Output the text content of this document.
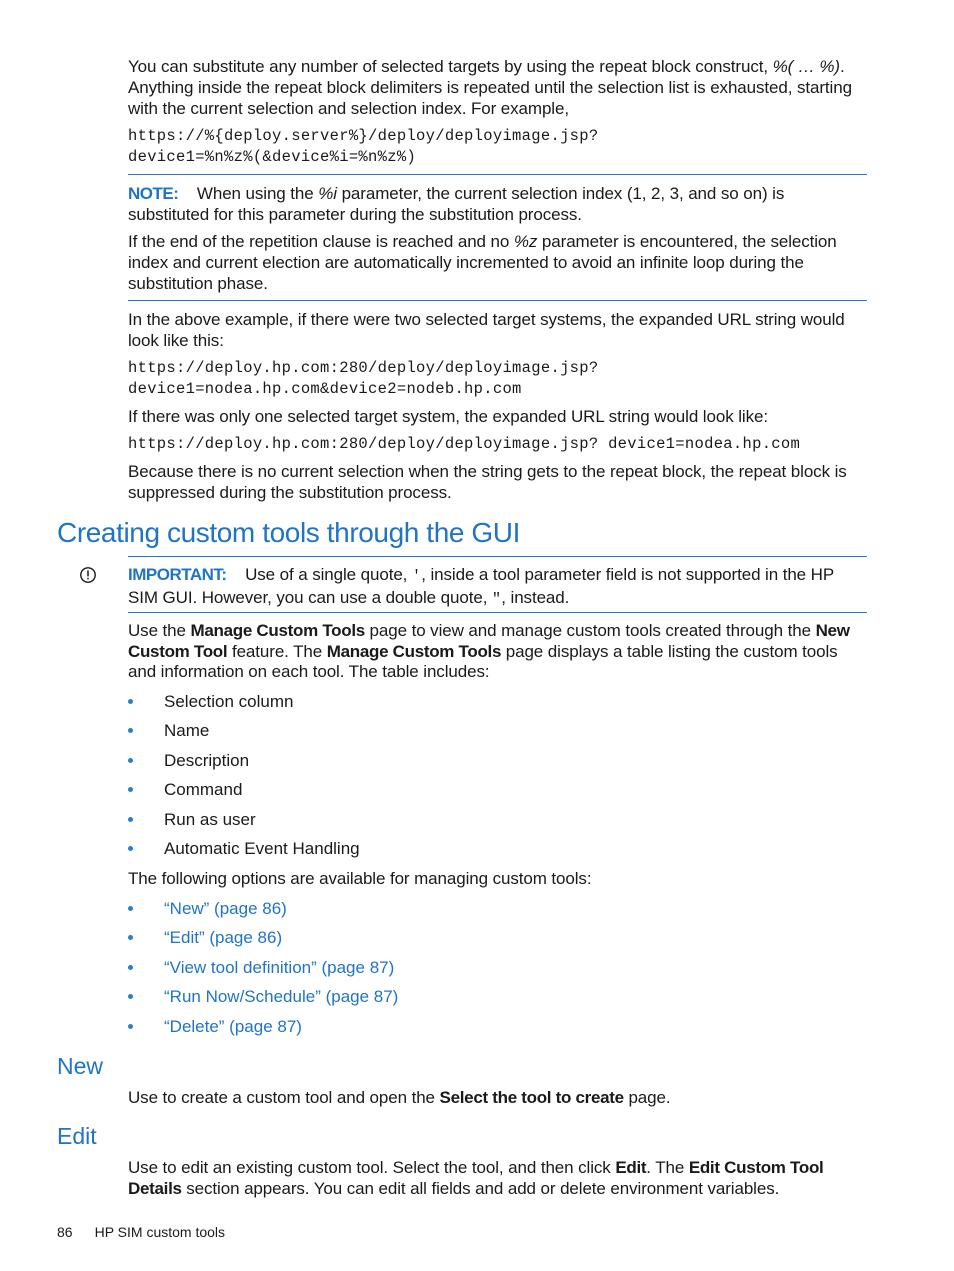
You can substitute any number of selected targets by using the repeat block construct, %( … %). Anything inside the repeat block delimiters is repeated until the selection list is exhausted, starting with the current selection and selection index. For example,
https://%{deploy.server%}/deploy/deployimage.jsp?
device1=%n%z%(&device%i=%n%z%)
NOTE: When using the %i parameter, the current selection index (1, 2, 3, and so on) is substituted for this parameter during the substitution process.
If the end of the repetition clause is reached and no %z parameter is encountered, the selection index and current election are automatically incremented to avoid an infinite loop during the substitution phase.
In the above example, if there were two selected target systems, the expanded URL string would look like this:
https://deploy.hp.com:280/deploy/deployimage.jsp?
device1=nodea.hp.com&device2=nodeb.hp.com
If there was only one selected target system, the expanded URL string would look like:
https://deploy.hp.com:280/deploy/deployimage.jsp? device1=nodea.hp.com
Because there is no current selection when the string gets to the repeat block, the repeat block is suppressed during the substitution process.
Creating custom tools through the GUI
IMPORTANT: Use of a single quote, ', inside a tool parameter field is not supported in the HP SIM GUI. However, you can use a double quote, ", instead.
Use the Manage Custom Tools page to view and manage custom tools created through the New Custom Tool feature. The Manage Custom Tools page displays a table listing the custom tools and information on each tool. The table includes:
Selection column
Name
Description
Command
Run as user
Automatic Event Handling
The following options are available for managing custom tools:
“New” (page 86)
“Edit” (page 86)
“View tool definition” (page 87)
“Run Now/Schedule” (page 87)
“Delete” (page 87)
New
Use to create a custom tool and open the Select the tool to create page.
Edit
Use to edit an existing custom tool. Select the tool, and then click Edit. The Edit Custom Tool Details section appears. You can edit all fields and add or delete environment variables.
86 HP SIM custom tools
